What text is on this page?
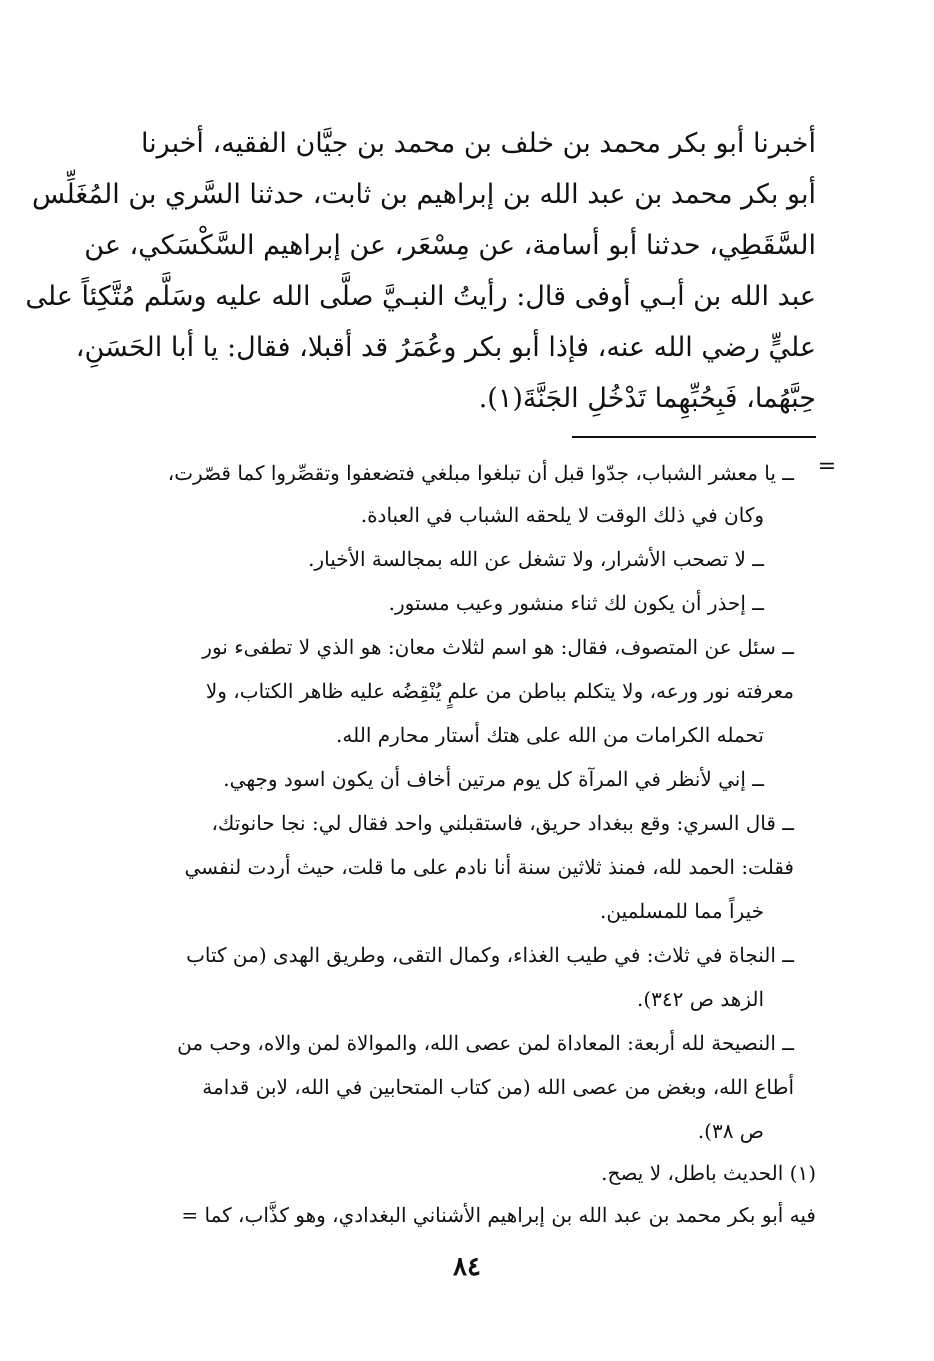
أخبرنا أبو بكر محمد بن خلف بن محمد بن جيَّان الفقيه، أخبرنا
أبو بكر محمد بن عبد الله بن إبراهيم بن ثابت، حدثنا السَّري بن المُغَلِّس
السَّقَطِي، حدثنا أبو أسامة، عن مِسْعَر، عن إبراهيم السَّكْسَكي، عن
عبد الله بن أبـي أوفى قال: رأيتُ النبـيَّ صلَّى الله عليه وسَلَّم مُتَّكِئاً على
عليٍّ رضي الله عنه، فإذا أبو بكر وعُمَرُ قد أقبلا، فقال: يا أبا الحَسَنِ،
حِبَّهُما، فَبِحُبِّهِما تَدْخُلِ الجَنَّةَ(١).
=
ــ يا معشر الشباب، جدّوا قبل أن تبلغوا مبلغي فتضعفوا وتقصِّروا كما قصّرت،
وكان في ذلك الوقت لا يلحقه الشباب في العبادة.
ــ لا تصحب الأشرار، ولا تشغل عن الله بمجالسة الأخيار.
ــ إحذر أن يكون لك ثناء منشور وعيب مستور.
ــ سئل عن المتصوف، فقال: هو اسم لثلاث معان: هو الذي لا تطفىء نور
معرفته نور ورعه، ولا يتكلم بباطن من علمٍ يُنْقِضُه عليه ظاهر الكتاب، ولا
تحمله الكرامات من الله على هتك أستار محارم الله.
ــ إني لأنظر في المرآة كل يوم مرتين أخاف أن يكون اسود وجهي.
ــ قال السري: وقع ببغداد حريق، فاستقبلني واحد فقال لي: نجا حانوتك،
فقلت: الحمد لله، فمنذ ثلاثين سنة أنا نادم على ما قلت، حيث أردت لنفسي
خيراً مما للمسلمين.
ــ النجاة في ثلاث: في طيب الغذاء، وكمال التقى، وطريق الهدى (من كتاب
الزهد ص ٣٤٢).
ــ النصيحة لله أربعة: المعاداة لمن عصى الله، والموالاة لمن والاه، وحب من
أطاع الله، وبغض من عصى الله (من كتاب المتحابين في الله، لابن قدامة
ص ٣٨).
(١) الحديث باطل، لا يصح.
فيه أبو بكر محمد بن عبد الله بن إبراهيم الأشناني البغدادي، وهو كذَّاب، كما =
٨٤
